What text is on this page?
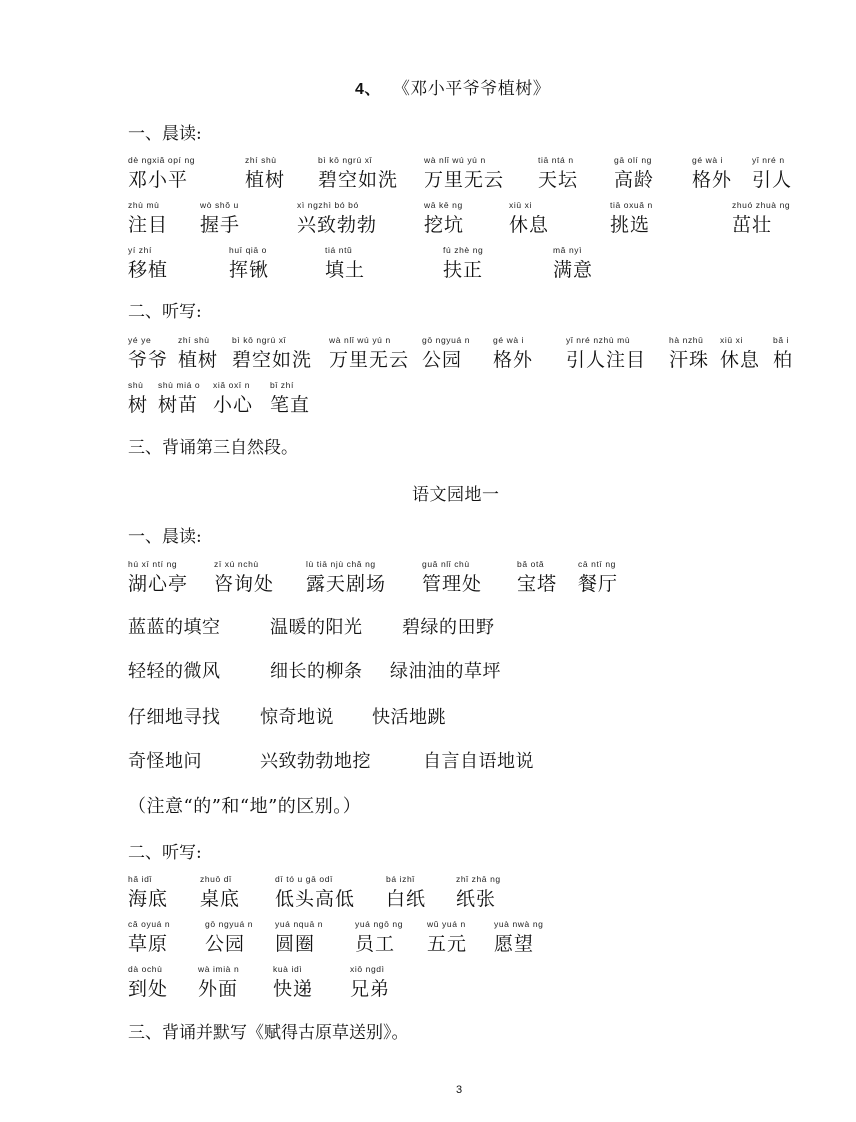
4、 《邓小平爷爷植树》
一、晨读:
dè ngxiǎ opí ng
邓小平
zhí shù
植树
bì kō ngrú xǐ
碧空如洗
wà nlǐ wú yú n
万里无云
tiā ntá n
天坛
gā olí ng
高龄
gé wà i
格外
yǐ nré n
引人
zhù mù
注目
wò shǒ u
握手
xì ngzhì bó bó
兴致勃勃
wā kē ng
挖坑
xiū xi
休息
tiā oxuǎ n
挑选
zhuó zhuà ng
茁壮
yí zhí
移植
huī qiā o
挥锹
tiá ntǔ
填土
fú zhè ng
扶正
mǎ nyì
满意
二、听写:
yé ye
爷爷
zhí shù
植树
bì kō ngrú xǐ
碧空如洗
wà nlǐ wú yú n
万里无云
gō ngyuá n
公园
gé wà i
格外
yǐ nré nzhù mù
引人注目
hà nzhū
汗珠
xiū xi
休息
bǎ i
柏
shù
树
shù miá o
树苗
xiǎ oxī n
小心
bǐ zhí
笔直
三、背诵第三自然段。
语文园地一
一、晨读:
hú xī ntí ng
湖心亭
zī xú nchù
咨询处
lù tiā njù chǎ ng
露天剧场
guǎ nlǐ chù
管理处
bǎ otǎ
宝塔
cā ntī ng
餐厅
蓝蓝的填空	温暖的阳光 碧绿的田野
轻轻的微风	细长的柳条 绿油油的草坪
仔细地寻找 惊奇地说 快活地跳
奇怪地问	兴致勃勃地挖	自言自语地说
（注意“的”和“地”的区别。）
二、听写:
hǎ idǐ
海底
zhuō dǐ
桌底
dī tó u gā odī
低头高低
bá izhǐ
白纸
zhǐ zhā ng
纸张
cǎ oyuá n
草原
gō ngyuá n
公园
yuá nquā n
圆圈
yuá ngō ng
员工
wǔ yuá n
五元
yuà nwà ng
愿望
dà ochù
到处
wà imià n
外面
kuà idì
快递
xiō ngdì
兄弟
三、背诵并默写《赋得古原草送别》。
3
